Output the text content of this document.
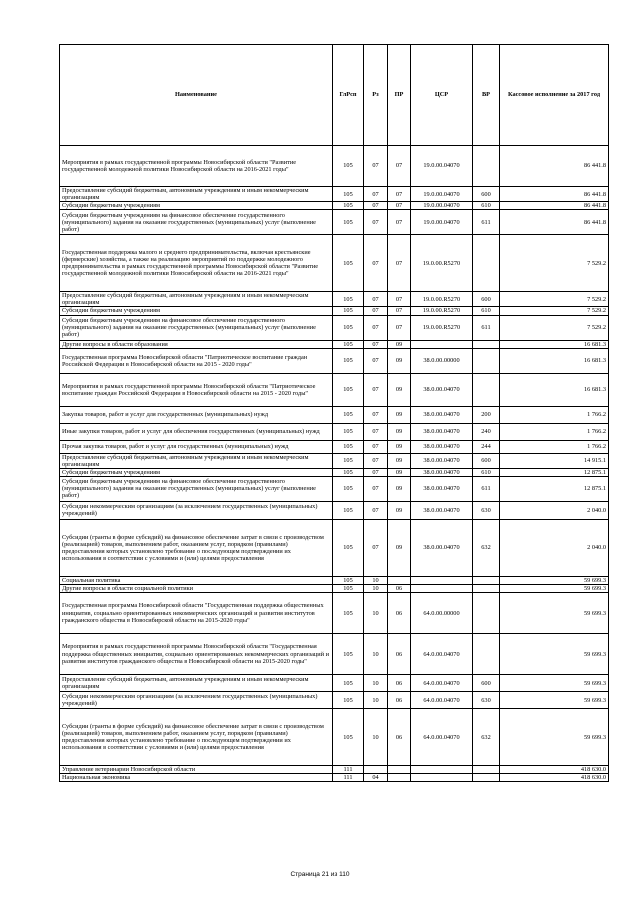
Наименование	ГлРсп	Рз	ПР	ЦСР	ВР	Кассовое исполнение за 2017 год
Мероприятия в рамках государственной программы Новосибирской области "Развитие государственной молодежной политики Новосибирской области на 2016-2021 годы"	105	07	07	19.0.00.04070		86 441.8
Предоставление субсидий бюджетным, автономным учреждениям и иным некоммерческим организациям	105	07	07	19.0.00.04070	600	86 441.8
Субсидии бюджетным учреждениям	105	07	07	19.0.00.04070	610	86 441.8
Субсидии бюджетным учреждениям на финансовое обеспечение государственного (муниципального) задания на оказание государственных (муниципальных) услуг (выполнение работ)	105	07	07	19.0.00.04070	611	86 441.8
Государственная поддержка малого и среднего предпринимательства, включая крестьянские (фермерские) хозяйства, а также на реализацию мероприятий по поддержке молодежного предпринимательства в рамках государственной программы Новосибирской области "Развитие государственной молодежной политики Новосибирской области на 2016-2021 годы"	105	07	07	19.0.00.R5270		7 529.2
Предоставление субсидий бюджетным, автономным учреждениям и иным некоммерческим организациям	105	07	07	19.0.00.R5270	600	7 529.2
Субсидии бюджетным учреждениям	105	07	07	19.0.00.R5270	610	7 529.2
Субсидии бюджетным учреждениям на финансовое обеспечение государственного (муниципального) задания на оказание государственных (муниципальных) услуг (выполнение работ)	105	07	07	19.0.00.R5270	611	7 529.2
Другие вопросы в области образования	105	07	09			16 681.3
Государственная программа Новосибирской области "Патриотическое воспитание граждан Российской Федерации в Новосибирской области на 2015 - 2020 годы"	105	07	09	38.0.00.00000		16 681.3
Мероприятия в рамках государственной программы Новосибирской области "Патриотическое воспитание граждан Российской Федерации в Новосибирской области на 2015 - 2020 годы"	105	07	09	38.0.00.04070		16 681.3
Закупка товаров, работ и услуг для государственных (муниципальных) нужд	105	07	09	38.0.00.04070	200	1 766.2
Иные закупки товаров, работ и услуг для обеспечения государственных (муниципальных) нужд	105	07	09	38.0.00.04070	240	1 766.2
Прочая закупка товаров, работ и услуг для государственных (муниципальных) нужд	105	07	09	38.0.00.04070	244	1 766.2
Предоставление субсидий бюджетным, автономным учреждениям и иным некоммерческим организациям	105	07	09	38.0.00.04070	600	14 915.1
Субсидии бюджетным учреждениям	105	07	09	38.0.00.04070	610	12 875.1
Субсидии бюджетным учреждениям на финансовое обеспечение государственного (муниципального) задания на оказание государственных (муниципальных) услуг (выполнение работ)	105	07	09	38.0.00.04070	611	12 875.1
Субсидии некоммерческим организациям (за исключением государственных (муниципальных) учреждений)	105	07	09	38.0.00.04070	630	2 040.0
Субсидии (гранты в форме субсидий) на финансовое обеспечение затрат в связи с производством (реализацией) товаров, выполнением работ, оказанием услуг, порядком (правилами) предоставления которых установлено требование о последующем подтверждении их использования в соответствии с условиями и (или) целями предоставления	105	07	09	38.0.00.04070	632	2 040.0
Социальная политика	105	10				59 699.3
Другие вопросы в области социальной политики	105	10	06			59 699.3
Государственная программа Новосибирской области "Государственная поддержка общественных инициатив, социально ориентированных некоммерческих организаций и развития институтов гражданского общества в Новосибирской области на 2015-2020 годы"	105	10	06	64.0.00.00000		59 699.3
Мероприятия в рамках государственной программы Новосибирской области "Государственная поддержка общественных инициатив, социально ориентированных некоммерческих организаций и развития институтов гражданского общества в Новосибирской области на 2015-2020 годы"	105	10	06	64.0.00.04070		59 699.3
Предоставление субсидий бюджетным, автономным учреждениям и иным некоммерческим организациям	105	10	06	64.0.00.04070	600	59 699.3
Субсидии некоммерческим организациям (за исключением государственных (муниципальных) учреждений)	105	10	06	64.0.00.04070	630	59 699.3
Субсидии (гранты в форме субсидий) на финансовое обеспечение затрат в связи с производством (реализацией) товаров, выполнением работ, оказанием услуг, порядком (правилами) предоставления которых установлено требование о последующем подтверждении их использования в соответствии с условиями и (или) целями предоставления	105	10	06	64.0.00.04070	632	59 699.3
Управление ветеринарии Новосибирской области	111					418 630.0
Национальная экономика	111	04				418 630.0
Страница 21 из 110
